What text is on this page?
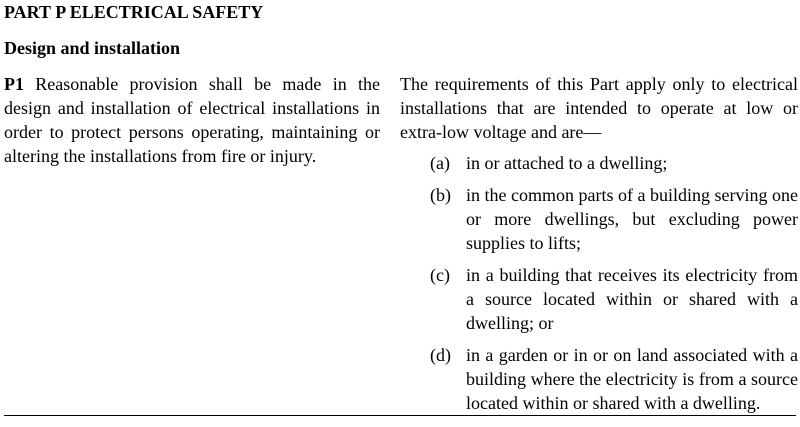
PART P ELECTRICAL SAFETY
Design and installation
P1 Reasonable provision shall be made in the design and installation of electrical installations in order to protect persons operating, maintaining or altering the installations from fire or injury.
The requirements of this Part apply only to electrical installations that are intended to operate at low or extra-low voltage and are—
(a) in or attached to a dwelling;
(b) in the common parts of a building serving one or more dwellings, but excluding power supplies to lifts;
(c) in a building that receives its electricity from a source located within or shared with a dwelling; or
(d) in a garden or in or on land associated with a building where the electricity is from a source located within or shared with a dwelling.
